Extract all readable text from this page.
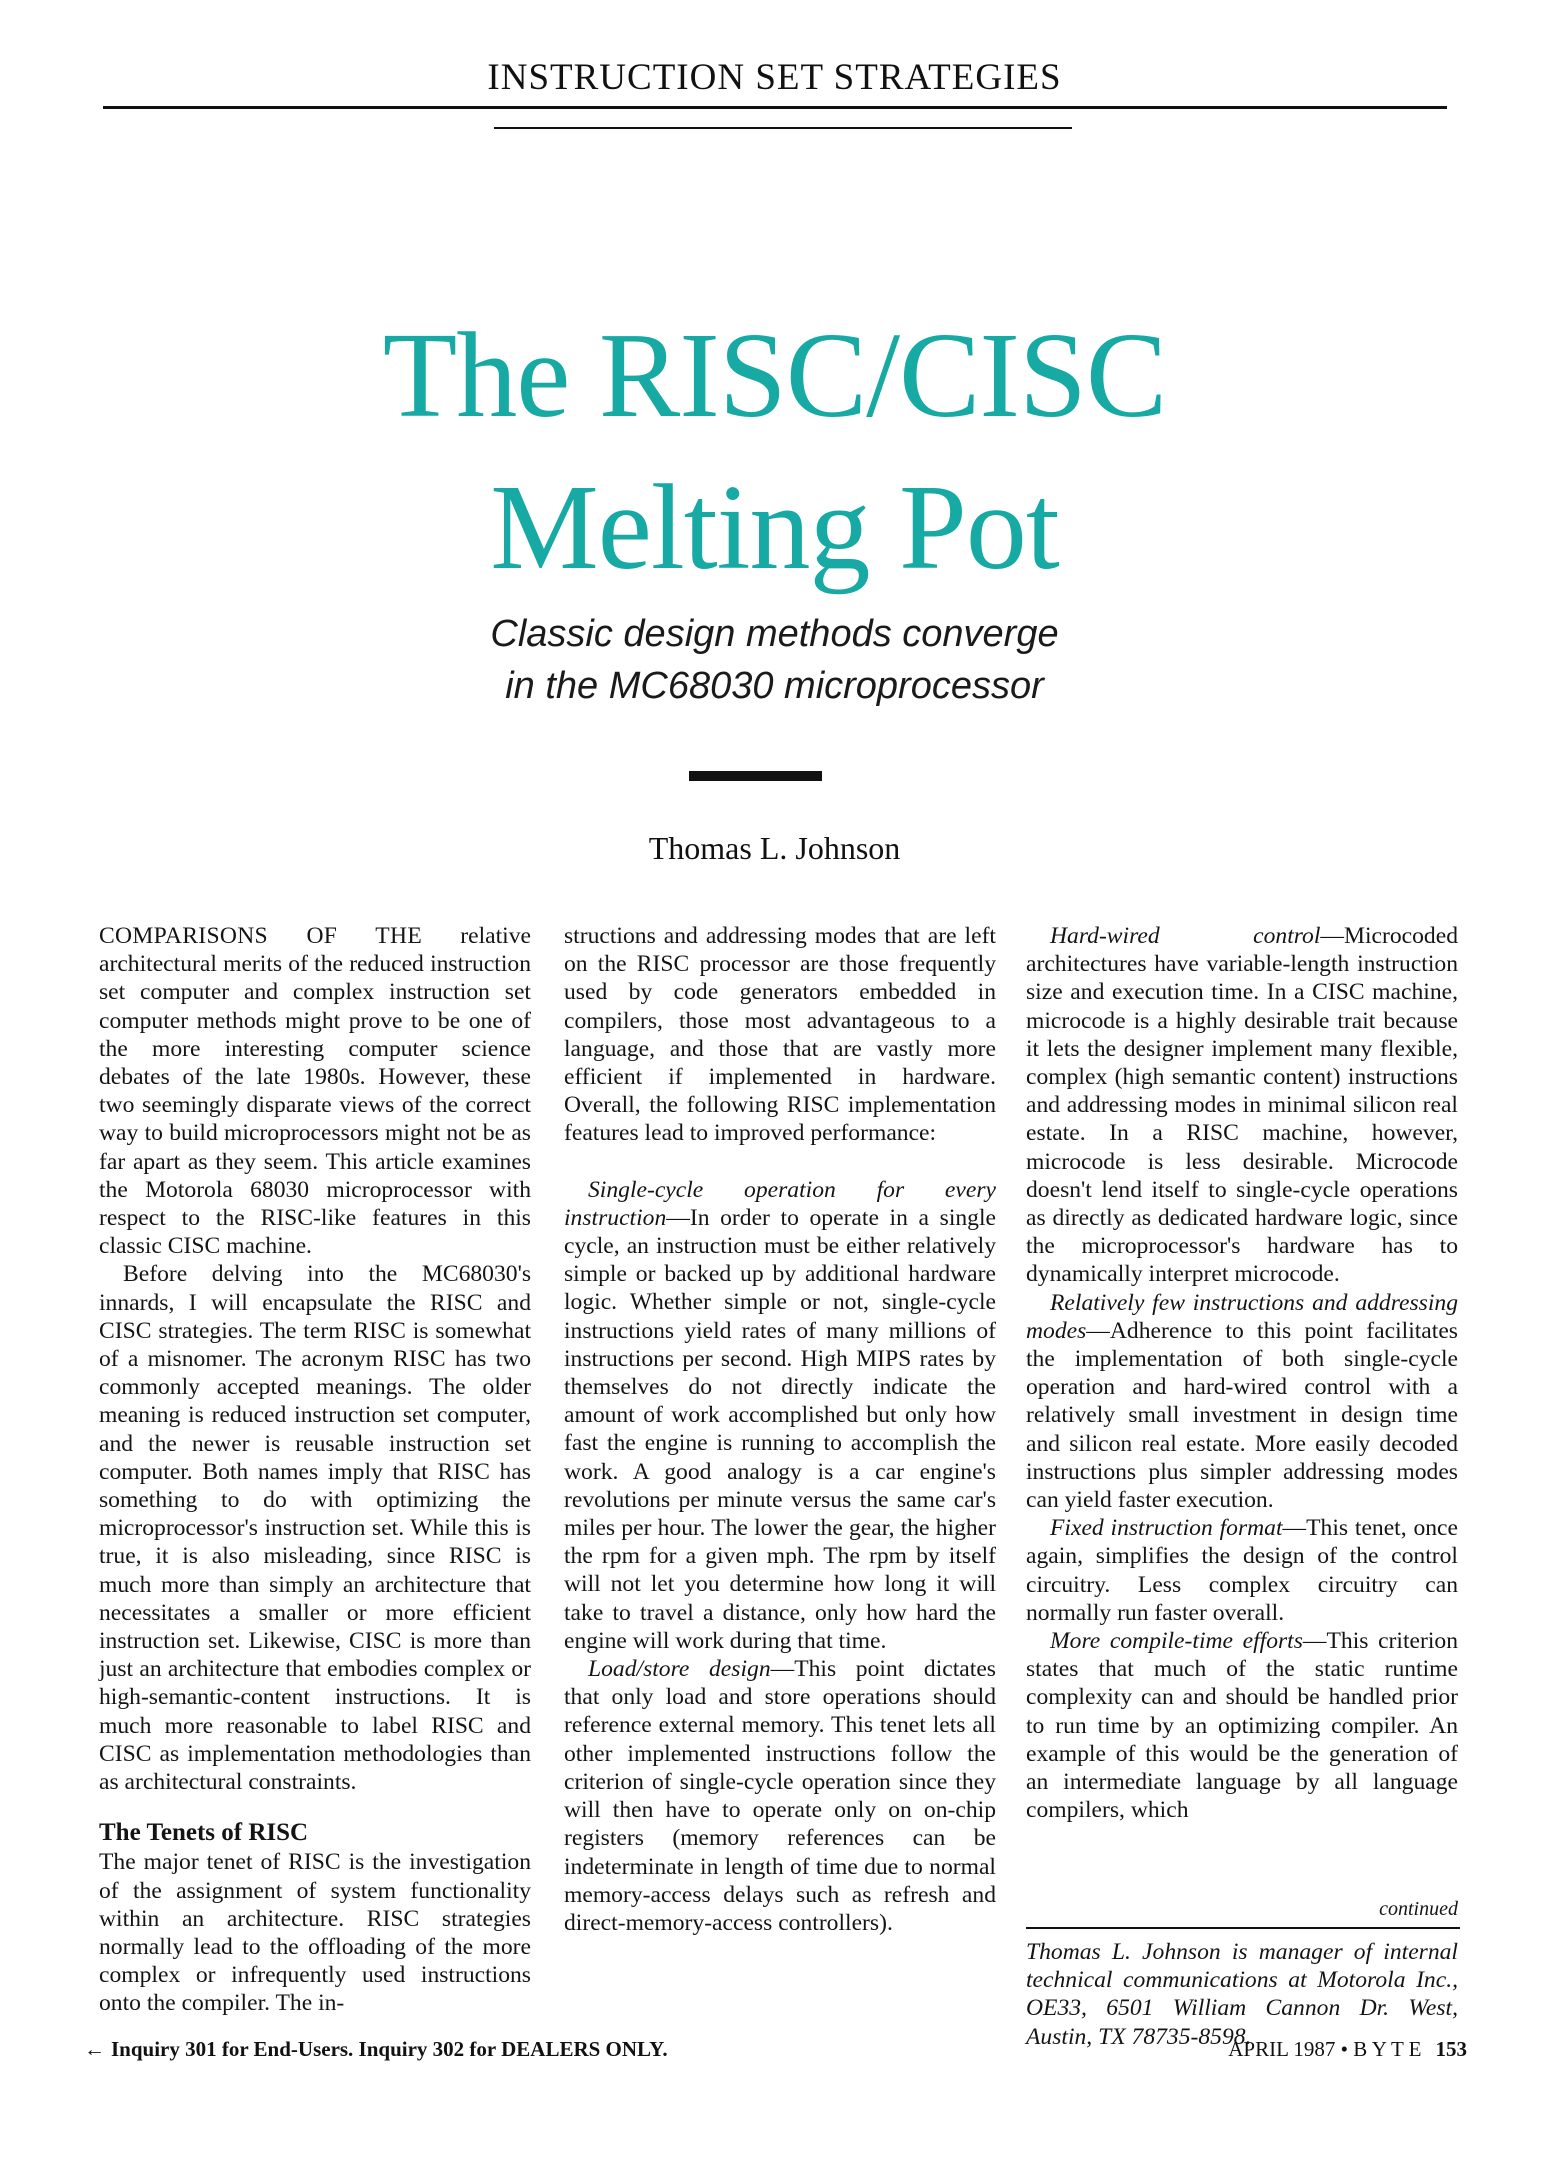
INSTRUCTION SET STRATEGIES
The RISC/CISC
Melting Pot
Classic design methods converge
in the MC68030 microprocessor
Thomas L. Johnson

COMPARISONS OF THE relative architectural merits of the reduced instruction set computer and complex instruction set computer methods might prove to be one of the more interesting computer science debates of the late 1980s. However, these two seemingly disparate views of the correct way to build microprocessors might not be as far apart as they seem. This article examines the Motorola 68030 microprocessor with respect to the RISC-like features in this classic CISC machine.

Before delving into the MC68030's innards, I will encapsulate the RISC and CISC strategies. The term RISC is somewhat of a misnomer. The acronym RISC has two commonly accepted meanings. The older meaning is reduced instruction set computer, and the newer is reusable instruction set computer. Both names imply that RISC has something to do with optimizing the microprocessor's instruction set. While this is true, it is also misleading, since RISC is much more than simply an architecture that necessitates a smaller or more efficient instruction set. Likewise, CISC is more than just an architecture that embodies complex or high-semantic-content instructions. It is much more reasonable to label RISC and CISC as implementation methodologies than as architectural constraints.

The Tenets of RISC

The major tenet of RISC is the investigation of the assignment of system functionality within an architecture. RISC strategies normally lead to the offloading of the more complex or infrequently used instructions onto the compiler. The in-

structions and addressing modes that are left on the RISC processor are those frequently used by code generators embedded in compilers, those most advantageous to a language, and those that are vastly more efficient if implemented in hardware. Overall, the following RISC implementation features lead to improved performance:

Single-cycle operation for every instruction—In order to operate in a single cycle, an instruction must be either relatively simple or backed up by additional hardware logic. Whether simple or not, single-cycle instructions yield rates of many millions of instructions per second. High MIPS rates by themselves do not directly indicate the amount of work accomplished but only how fast the engine is running to accomplish the work. A good analogy is a car engine's revolutions per minute versus the same car's miles per hour. The lower the gear, the higher the rpm for a given mph. The rpm by itself will not let you determine how long it will take to travel a distance, only how hard the engine will work during that time.

Load/store design—This point dictates that only load and store operations should reference external memory. This tenet lets all other implemented instructions follow the criterion of single-cycle operation since they will then have to operate only on on-chip registers (memory references can be indeterminate in length of time due to normal memory-access delays such as refresh and direct-memory-access controllers).

Hard-wired control—Microcoded architectures have variable-length instruction size and execution time. In a CISC machine, microcode is a highly desirable trait because it lets the designer implement many flexible, complex (high semantic content) instructions and addressing modes in minimal silicon real estate. In a RISC machine, however, microcode is less desirable. Microcode doesn't lend itself to single-cycle operations as directly as dedicated hardware logic, since the microprocessor's hardware has to dynamically interpret microcode.

Relatively few instructions and addressing modes—Adherence to this point facilitates the implementation of both single-cycle operation and hard-wired control with a relatively small investment in design time and silicon real estate. More easily decoded instructions plus simpler addressing modes can yield faster execution.

Fixed instruction format—This tenet, once again, simplifies the design of the control circuitry. Less complex circuitry can normally run faster overall.

More compile-time efforts—This criterion states that much of the static runtime complexity can and should be handled prior to run time by an optimizing compiler. An example of this would be the generation of an intermediate language by all language compilers, which

continued
Thomas L. Johnson is manager of internal technical communications at Motorola Inc., OE33, 6501 William Cannon Dr. West, Austin, TX 78735-8598.
← Inquiry 301 for End-Users. Inquiry 302 for DEALERS ONLY.	APRIL 1987 • B Y T E 153
